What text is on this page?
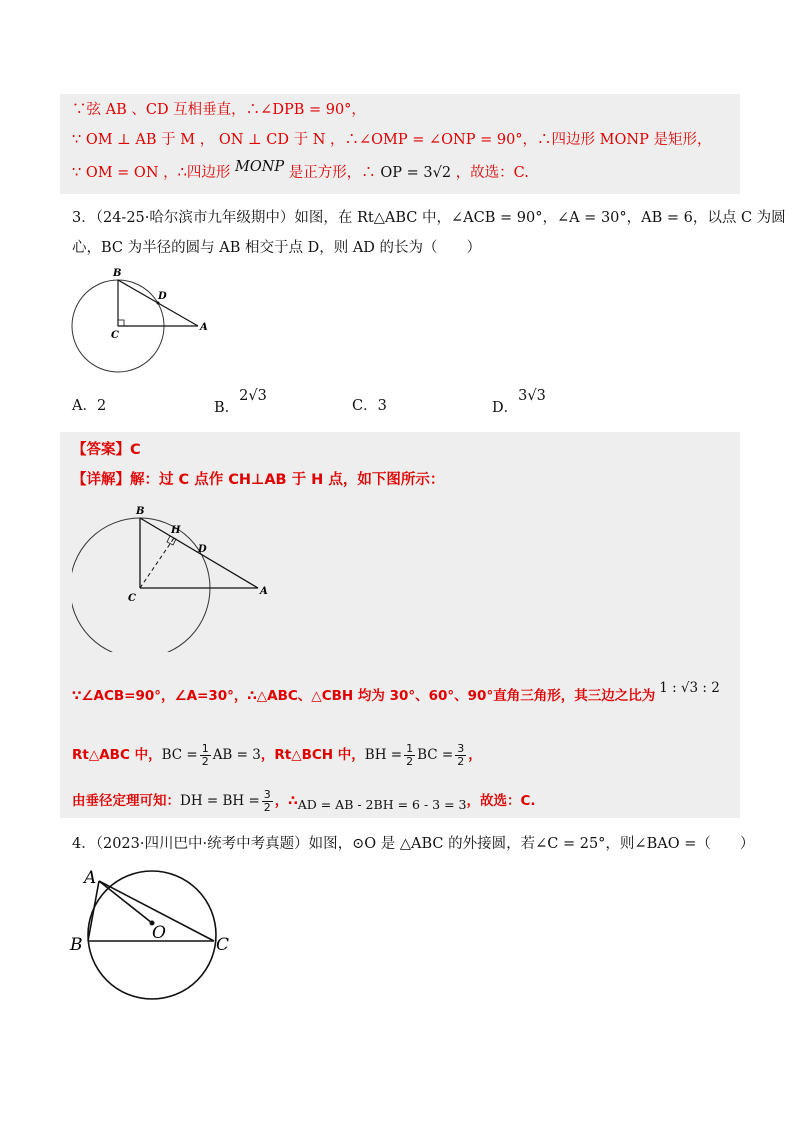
∵弦 AB 、CD 互相垂直，∴∠DPB = 90°，
∵ OM ⊥ AB 于 M ， ON ⊥ CD 于 N ，∴∠OMP = ∠ONP = 90°，∴四边形 MONP 是矩形，
∵ OM = ON ，∴四边形 MONP 是正方形，∴ OP = 3√2 ，故选：C.
3．（24-25·哈尔滨市九年级期中）如图，在 Rt△ABC 中，∠ACB = 90°，∠A = 30°，AB = 6，以点 C 为圆
心，BC 为半径的圆与 AB 相交于点 D，则 AD 的长为（　　）
B
D
C
A
A．2	B．2√3
C．3	D．3√3
【答案】C
【详解】解：过 C 点作 CH⊥AB 于 H 点，如下图所示：
B
H
D
C
A
∵∠ACB=90°，∠A=30°，∴△ABC、△CBH 均为 30°、60°、90°直角三角形，其三边之比为 1 : √3 : 2
Rt△ABC 中， BC = $\frac{1}{2}$ AB = 3 ，Rt△BCH 中， BH = $\frac{1}{2}$ BC = $\frac{3}{2}$ ，
由垂径定理可知： DH = BH = $\frac{3}{2}$ ，∴ AD = AB - 2BH = 6 - 3 = 3 ，故选：C.
4．（2023·四川巴中·统考中考真题）如图，⊙O 是 △ABC 的外接圆，若∠C = 25°，则∠BAO =（　　）
A
B
O
C
